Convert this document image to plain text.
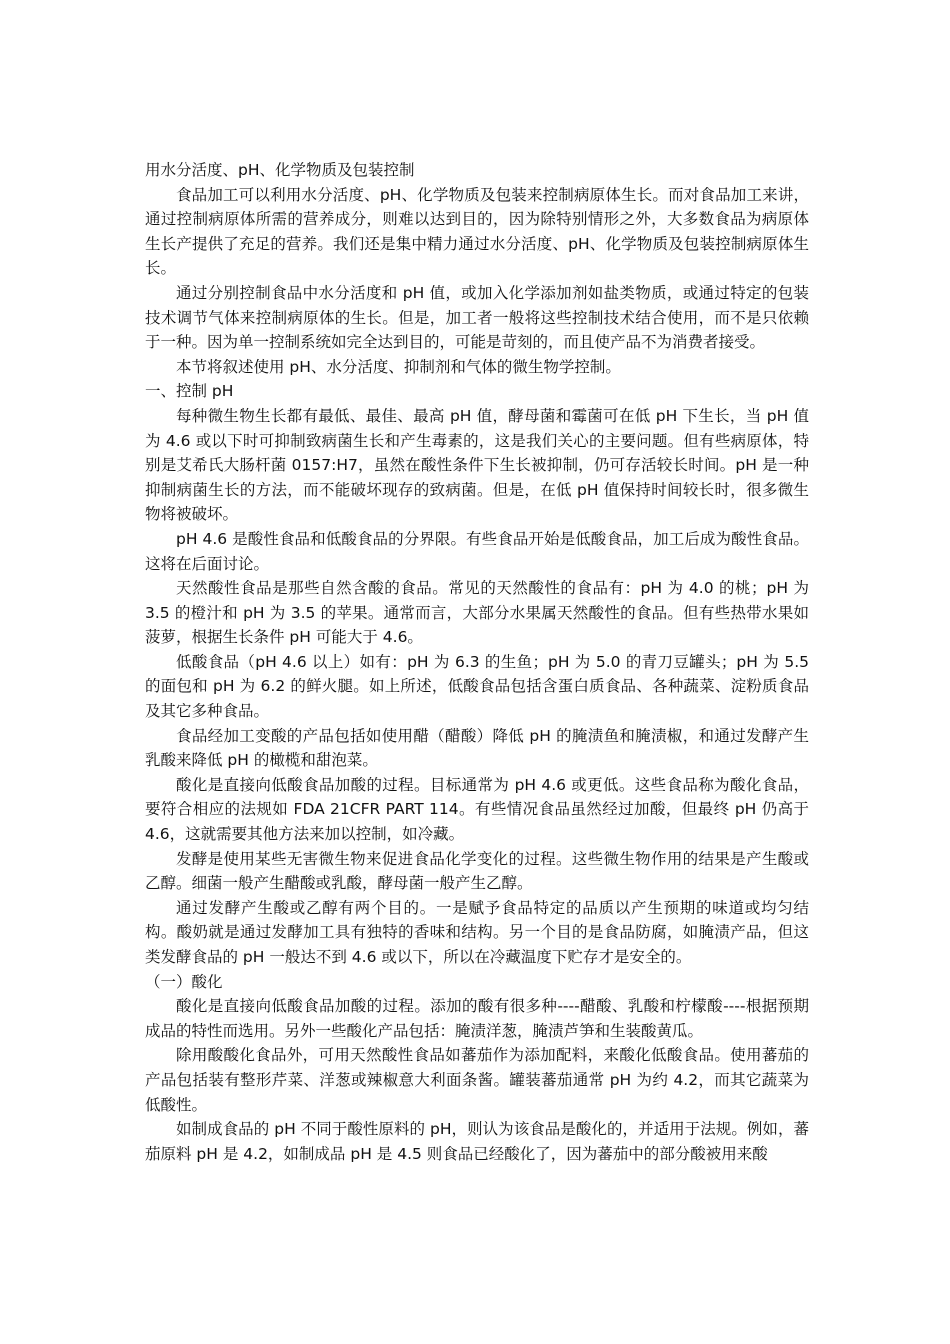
用水分活度、pH、化学物质及包装控制

食品加工可以利用水分活度、pH、化学物质及包装来控制病原体生长。而对食品加工来讲，通过控制病原体所需的营养成分，则难以达到目的，因为除特别情形之外，大多数食品为病原体生长产提供了充足的营养。我们还是集中精力通过水分活度、pH、化学物质及包装控制病原体生长。

通过分别控制食品中水分活度和 pH 值，或加入化学添加剂如盐类物质，或通过特定的包装技术调节气体来控制病原体的生长。但是，加工者一般将这些控制技术结合使用，而不是只依赖于一种。因为单一控制系统如完全达到目的，可能是苛刻的，而且使产品不为消费者接受。

本节将叙述使用 pH、水分活度、抑制剂和气体的微生物学控制。

一、控制 pH

每种微生物生长都有最低、最佳、最高 pH 值，酵母菌和霉菌可在低 pH 下生长，当 pH 值为 4.6 或以下时可抑制致病菌生长和产生毒素的，这是我们关心的主要问题。但有些病原体，特别是艾希氏大肠杆菌 0157:H7，虽然在酸性条件下生长被抑制，仍可存活较长时间。pH 是一种抑制病菌生长的方法，而不能破坏现存的致病菌。但是，在低 pH 值保持时间较长时，很多微生物将被破坏。

pH 4.6 是酸性食品和低酸食品的分界限。有些食品开始是低酸食品，加工后成为酸性食品。这将在后面讨论。

天然酸性食品是那些自然含酸的食品。常见的天然酸性的食品有：pH 为 4.0 的桃；pH 为 3.5 的橙汁和 pH 为 3.5 的苹果。通常而言，大部分水果属天然酸性的食品。但有些热带水果如菠萝，根据生长条件 pH 可能大于 4.6。

低酸食品（pH 4.6 以上）如有：pH 为 6.3 的生鱼；pH 为 5.0 的青刀豆罐头；pH 为 5.5 的面包和 pH 为 6.2 的鲜火腿。如上所述，低酸食品包括含蛋白质食品、各种蔬菜、淀粉质食品及其它多种食品。

食品经加工变酸的产品包括如使用醋（醋酸）降低 pH 的腌渍鱼和腌渍椒，和通过发酵产生乳酸来降低 pH 的橄榄和甜泡菜。

酸化是直接向低酸食品加酸的过程。目标通常为 pH 4.6 或更低。这些食品称为酸化食品，要符合相应的法规如 FDA 21CFR PART 114。有些情况食品虽然经过加酸，但最终 pH 仍高于 4.6，这就需要其他方法来加以控制，如冷藏。

发酵是使用某些无害微生物来促进食品化学变化的过程。这些微生物作用的结果是产生酸或乙醇。细菌一般产生醋酸或乳酸，酵母菌一般产生乙醇。

通过发酵产生酸或乙醇有两个目的。一是赋予食品特定的品质以产生预期的味道或均匀结构。酸奶就是通过发酵加工具有独特的香味和结构。另一个目的是食品防腐，如腌渍产品，但这类发酵食品的 pH 一般达不到 4.6 或以下，所以在冷藏温度下贮存才是安全的。

（一）酸化

酸化是直接向低酸食品加酸的过程。添加的酸有很多种----醋酸、乳酸和柠檬酸----根据预期成品的特性而选用。另外一些酸化产品包括：腌渍洋葱，腌渍芦笋和生装酸黄瓜。

除用酸酸化食品外，可用天然酸性食品如蕃茄作为添加配料，来酸化低酸食品。使用蕃茄的产品包括装有整形芹菜、洋葱或辣椒意大利面条酱。罐装蕃茄通常 pH 为约 4.2，而其它蔬菜为低酸性。

如制成食品的 pH 不同于酸性原料的 pH，则认为该食品是酸化的，并适用于法规。例如，蕃茄原料 pH 是 4.2，如制成品 pH 是 4.5 则食品已经酸化了，因为蕃茄中的部分酸被用来酸
